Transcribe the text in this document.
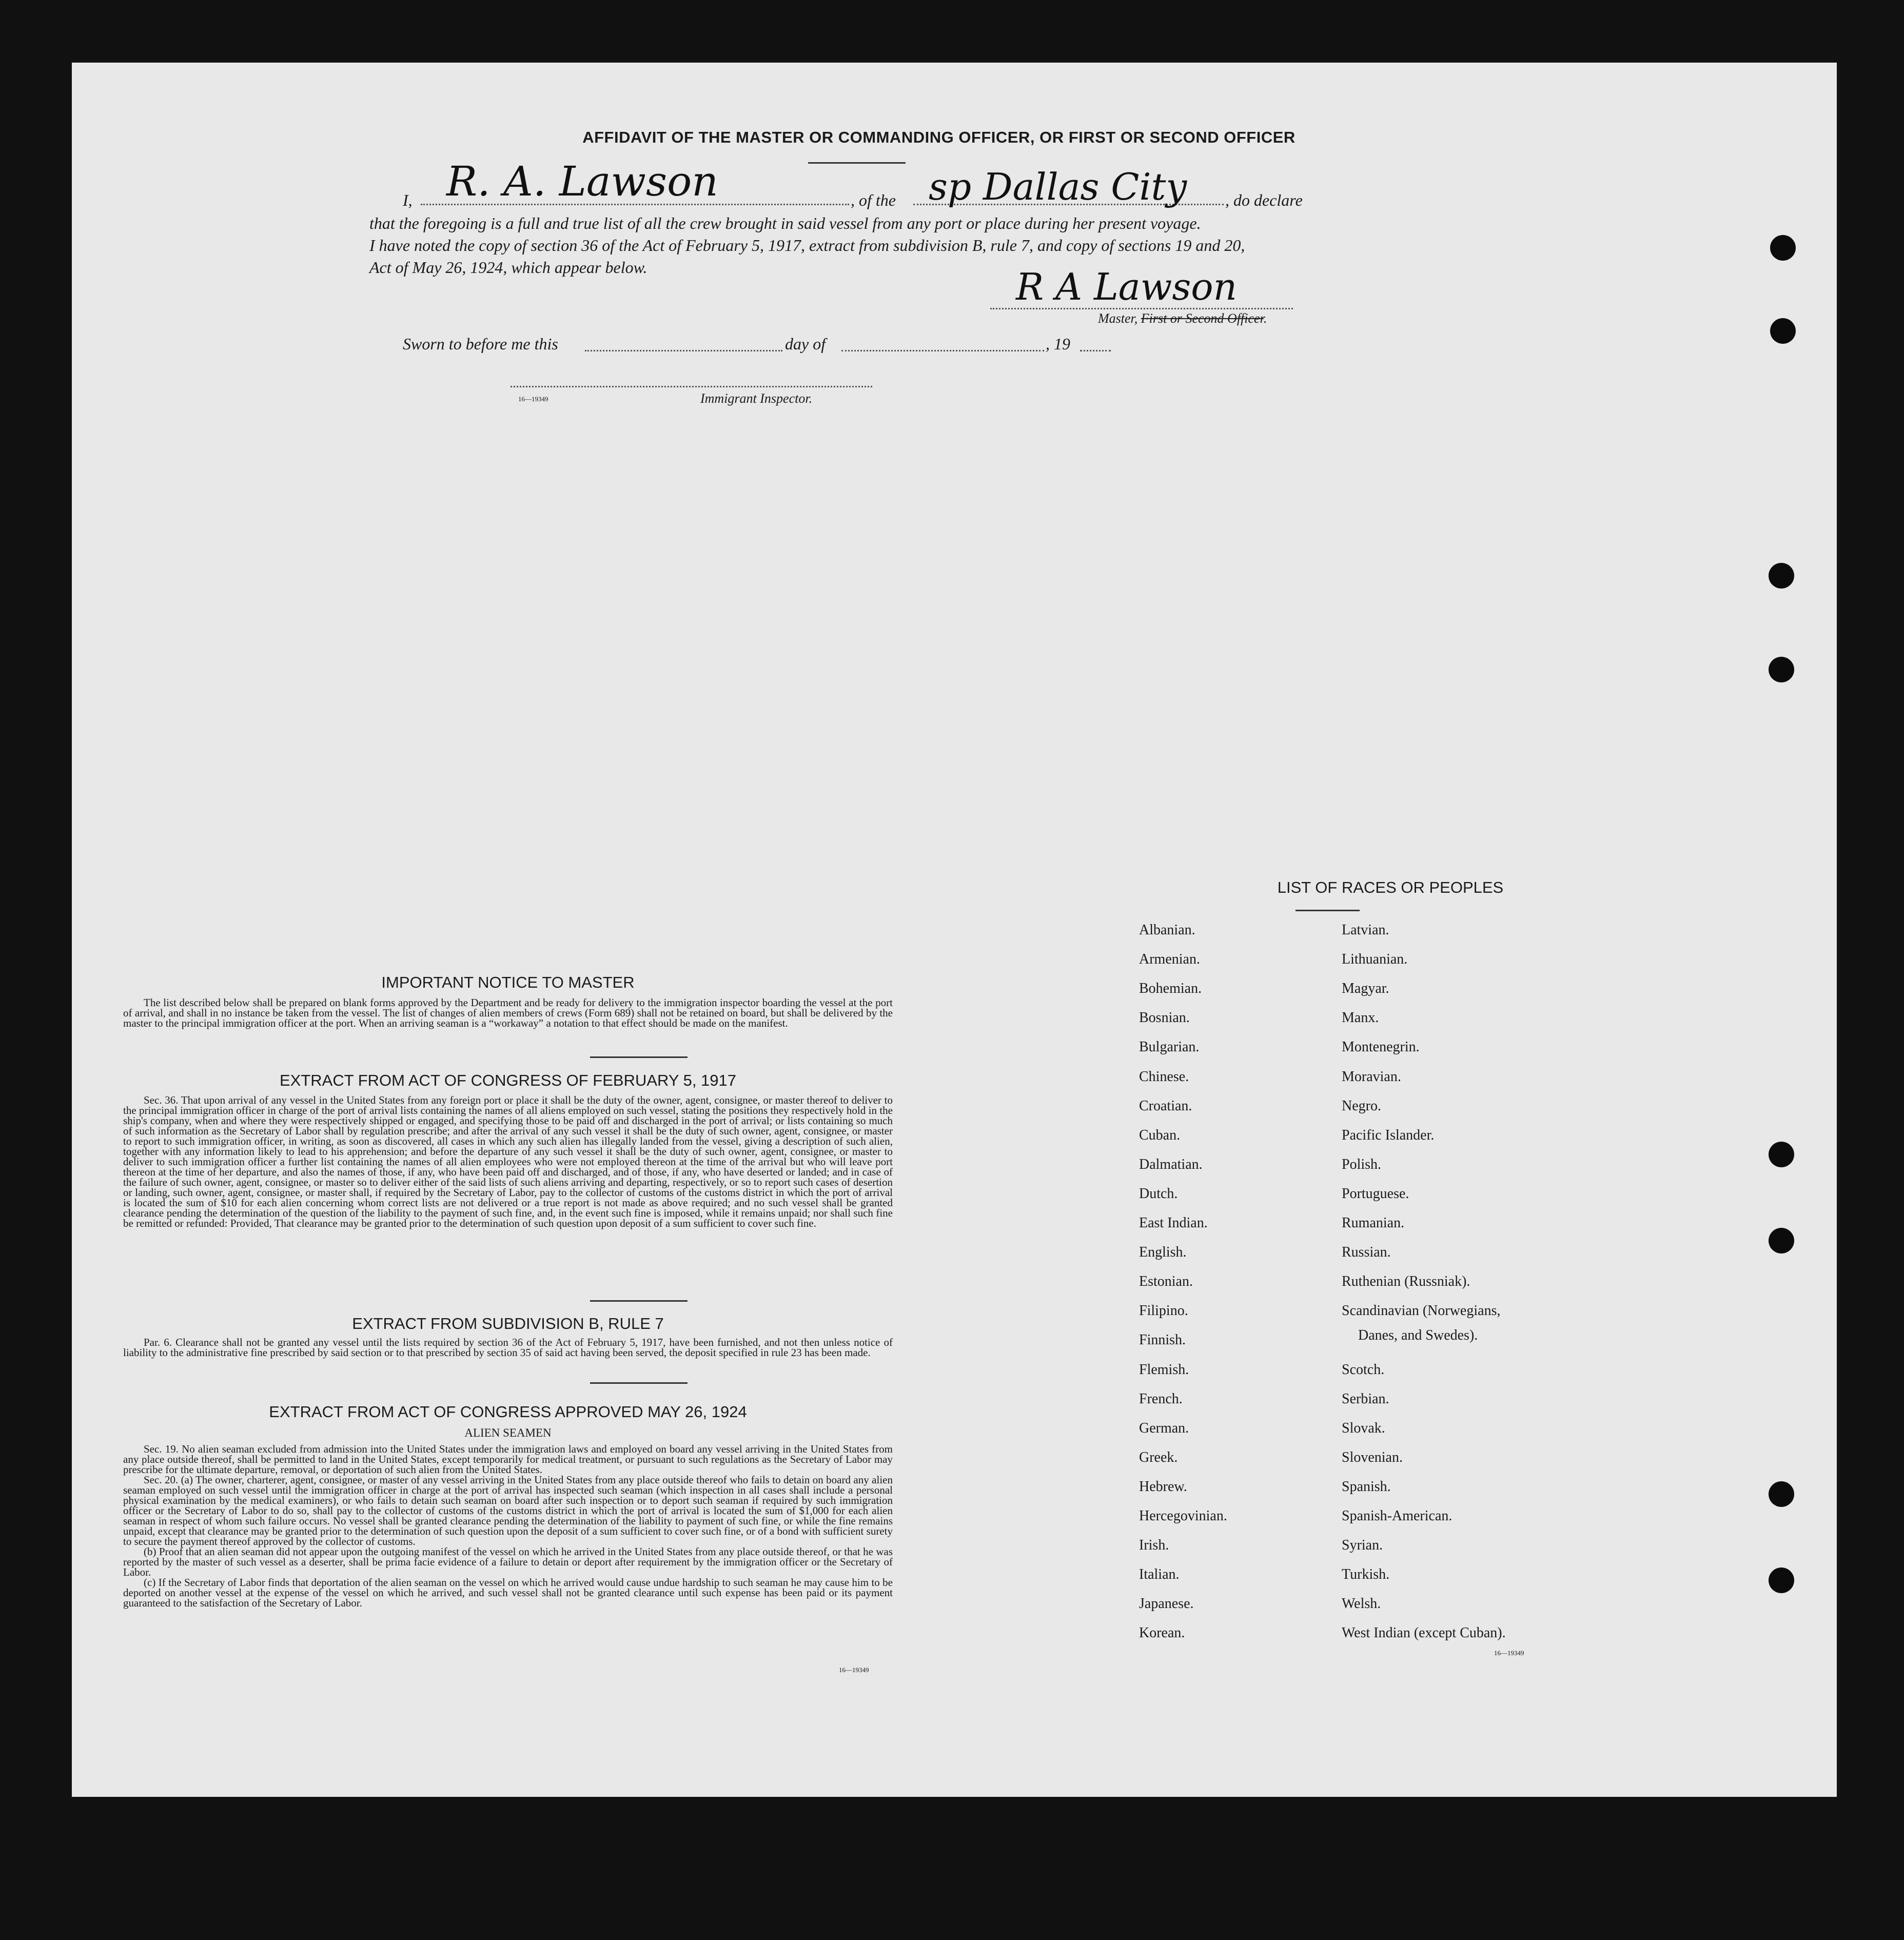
AFFIDAVIT OF THE MASTER OR COMMANDING OFFICER, OR FIRST OR SECOND OFFICER
I, R. A. Lawson	, of the sp Dallas City , do declare
that the foregoing is a full and true list of all the crew brought in said vessel from any port or place during her present voyage.
I have noted the copy of section 36 of the Act of February 5, 1917, extract from subdivision B, rule 7, and copy of sections 19 and 20,
Act of May 26, 1924, which appear below.	R A Lawson
Master, First or Second Officer.
Sworn to before me this	day of	, 19
16—19349	Immigrant Inspector.
IMPORTANT NOTICE TO MASTER

The list described below shall be prepared on blank forms approved by the Department and be ready for delivery to the immigration inspector boarding the vessel at the port of arrival, and shall in no instance be taken from the vessel. The list of changes of alien members of crews (Form 689) shall not be retained on board, but shall be delivered by the master to the principal immigration officer at the port. When an arriving seaman is a “workaway” a notation to that effect should be made on the manifest.

EXTRACT FROM ACT OF CONGRESS OF FEBRUARY 5, 1917

Sec. 36. That upon arrival of any vessel in the United States from any foreign port or place it shall be the duty of the owner, agent, consignee, or master thereof to deliver to the principal immigration officer in charge of the port of arrival lists containing the names of all aliens employed on such vessel, stating the positions they respectively hold in the ship's company, when and where they were respectively shipped or engaged, and specifying those to be paid off and discharged in the port of arrival; or lists containing so much of such information as the Secretary of Labor shall by regulation prescribe; and after the arrival of any such vessel it shall be the duty of such owner, agent, consignee, or master to report to such immigration officer, in writing, as soon as discovered, all cases in which any such alien has illegally landed from the vessel, giving a description of such alien, together with any information likely to lead to his apprehension; and before the departure of any such vessel it shall be the duty of such owner, agent, consignee, or master to deliver to such immigration officer a further list containing the names of all alien employees who were not employed thereon at the time of the arrival but who will leave port thereon at the time of her departure, and also the names of those, if any, who have been paid off and discharged, and of those, if any, who have deserted or landed; and in case of the failure of such owner, agent, consignee, or master so to deliver either of the said lists of such aliens arriving and departing, respectively, or so to report such cases of desertion or landing, such owner, agent, consignee, or master shall, if required by the Secretary of Labor, pay to the collector of customs of the customs district in which the port of arrival is located the sum of $10 for each alien concerning whom correct lists are not delivered or a true report is not made as above required; and no such vessel shall be granted clearance pending the determination of the question of the liability to the payment of such fine, and, in the event such fine is imposed, while it remains unpaid; nor shall such fine be remitted or refunded: Provided, That clearance may be granted prior to the determination of such question upon deposit of a sum sufficient to cover such fine.

EXTRACT FROM SUBDIVISION B, RULE 7

Par. 6. Clearance shall not be granted any vessel until the lists required by section 36 of the Act of February 5, 1917, have been furnished, and not then unless notice of liability to the administrative fine prescribed by said section or to that prescribed by section 35 of said act having been served, the deposit specified in rule 23 has been made.

EXTRACT FROM ACT OF CONGRESS APPROVED MAY 26, 1924
ALIEN SEAMEN

Sec. 19. No alien seaman excluded from admission into the United States under the immigration laws and employed on board any vessel arriving in the United States from any place outside thereof, shall be permitted to land in the United States, except temporarily for medical treatment, or pursuant to such regulations as the Secretary of Labor may prescribe for the ultimate departure, removal, or deportation of such alien from the United States.

Sec. 20. (a) The owner, charterer, agent, consignee, or master of any vessel arriving in the United States from any place outside thereof who fails to detain on board any alien seaman employed on such vessel until the immigration officer in charge at the port of arrival has inspected such seaman (which inspection in all cases shall include a personal physical examination by the medical examiners), or who fails to detain such seaman on board after such inspection or to deport such seaman if required by such immigration officer or the Secretary of Labor to do so, shall pay to the collector of customs of the customs district in which the port of arrival is located the sum of $1,000 for each alien seaman in respect of whom such failure occurs. No vessel shall be granted clearance pending the determination of the liability to payment of such fine, or while the fine remains unpaid, except that clearance may be granted prior to the determination of such question upon the deposit of a sum sufficient to cover such fine, or of a bond with sufficient surety to secure the payment thereof approved by the collector of customs.

(b) Proof that an alien seaman did not appear upon the outgoing manifest of the vessel on which he arrived in the United States from any place outside thereof, or that he was reported by the master of such vessel as a deserter, shall be prima facie evidence of a failure to detain or deport after requirement by the immigration officer or the Secretary of Labor.

(c) If the Secretary of Labor finds that deportation of the alien seaman on the vessel on which he arrived would cause undue hardship to such seaman he may cause him to be deported on another vessel at the expense of the vessel on which he arrived, and such vessel shall not be granted clearance until such expense has been paid or its payment guaranteed to the satisfaction of the Secretary of Labor.

16—19349
LIST OF RACES OR PEOPLES
Albanian.
Armenian.
Bohemian.
Bosnian.
Bulgarian.
Chinese.
Croatian.
Cuban.
Dalmatian.
Dutch.
East Indian.
English.
Estonian.
Filipino.
Finnish.
Flemish.
French.
German.
Greek.
Hebrew.
Hercegovinian.
Irish.
Italian.
Japanese.
Korean.
Latvian.
Lithuanian.
Magyar.
Manx.
Montenegrin.
Moravian.
Negro.
Pacific Islander.
Polish.
Portuguese.
Rumanian.
Russian.
Ruthenian (Russniak).
Scandinavian (Norwegians,
Scotch.
Serbian.
Slovak.
Slovenian.
Spanish.
Spanish-American.
Syrian.
Turkish.
Welsh.
West Indian (except Cuban).
Danes, and Swedes).
16—19349
